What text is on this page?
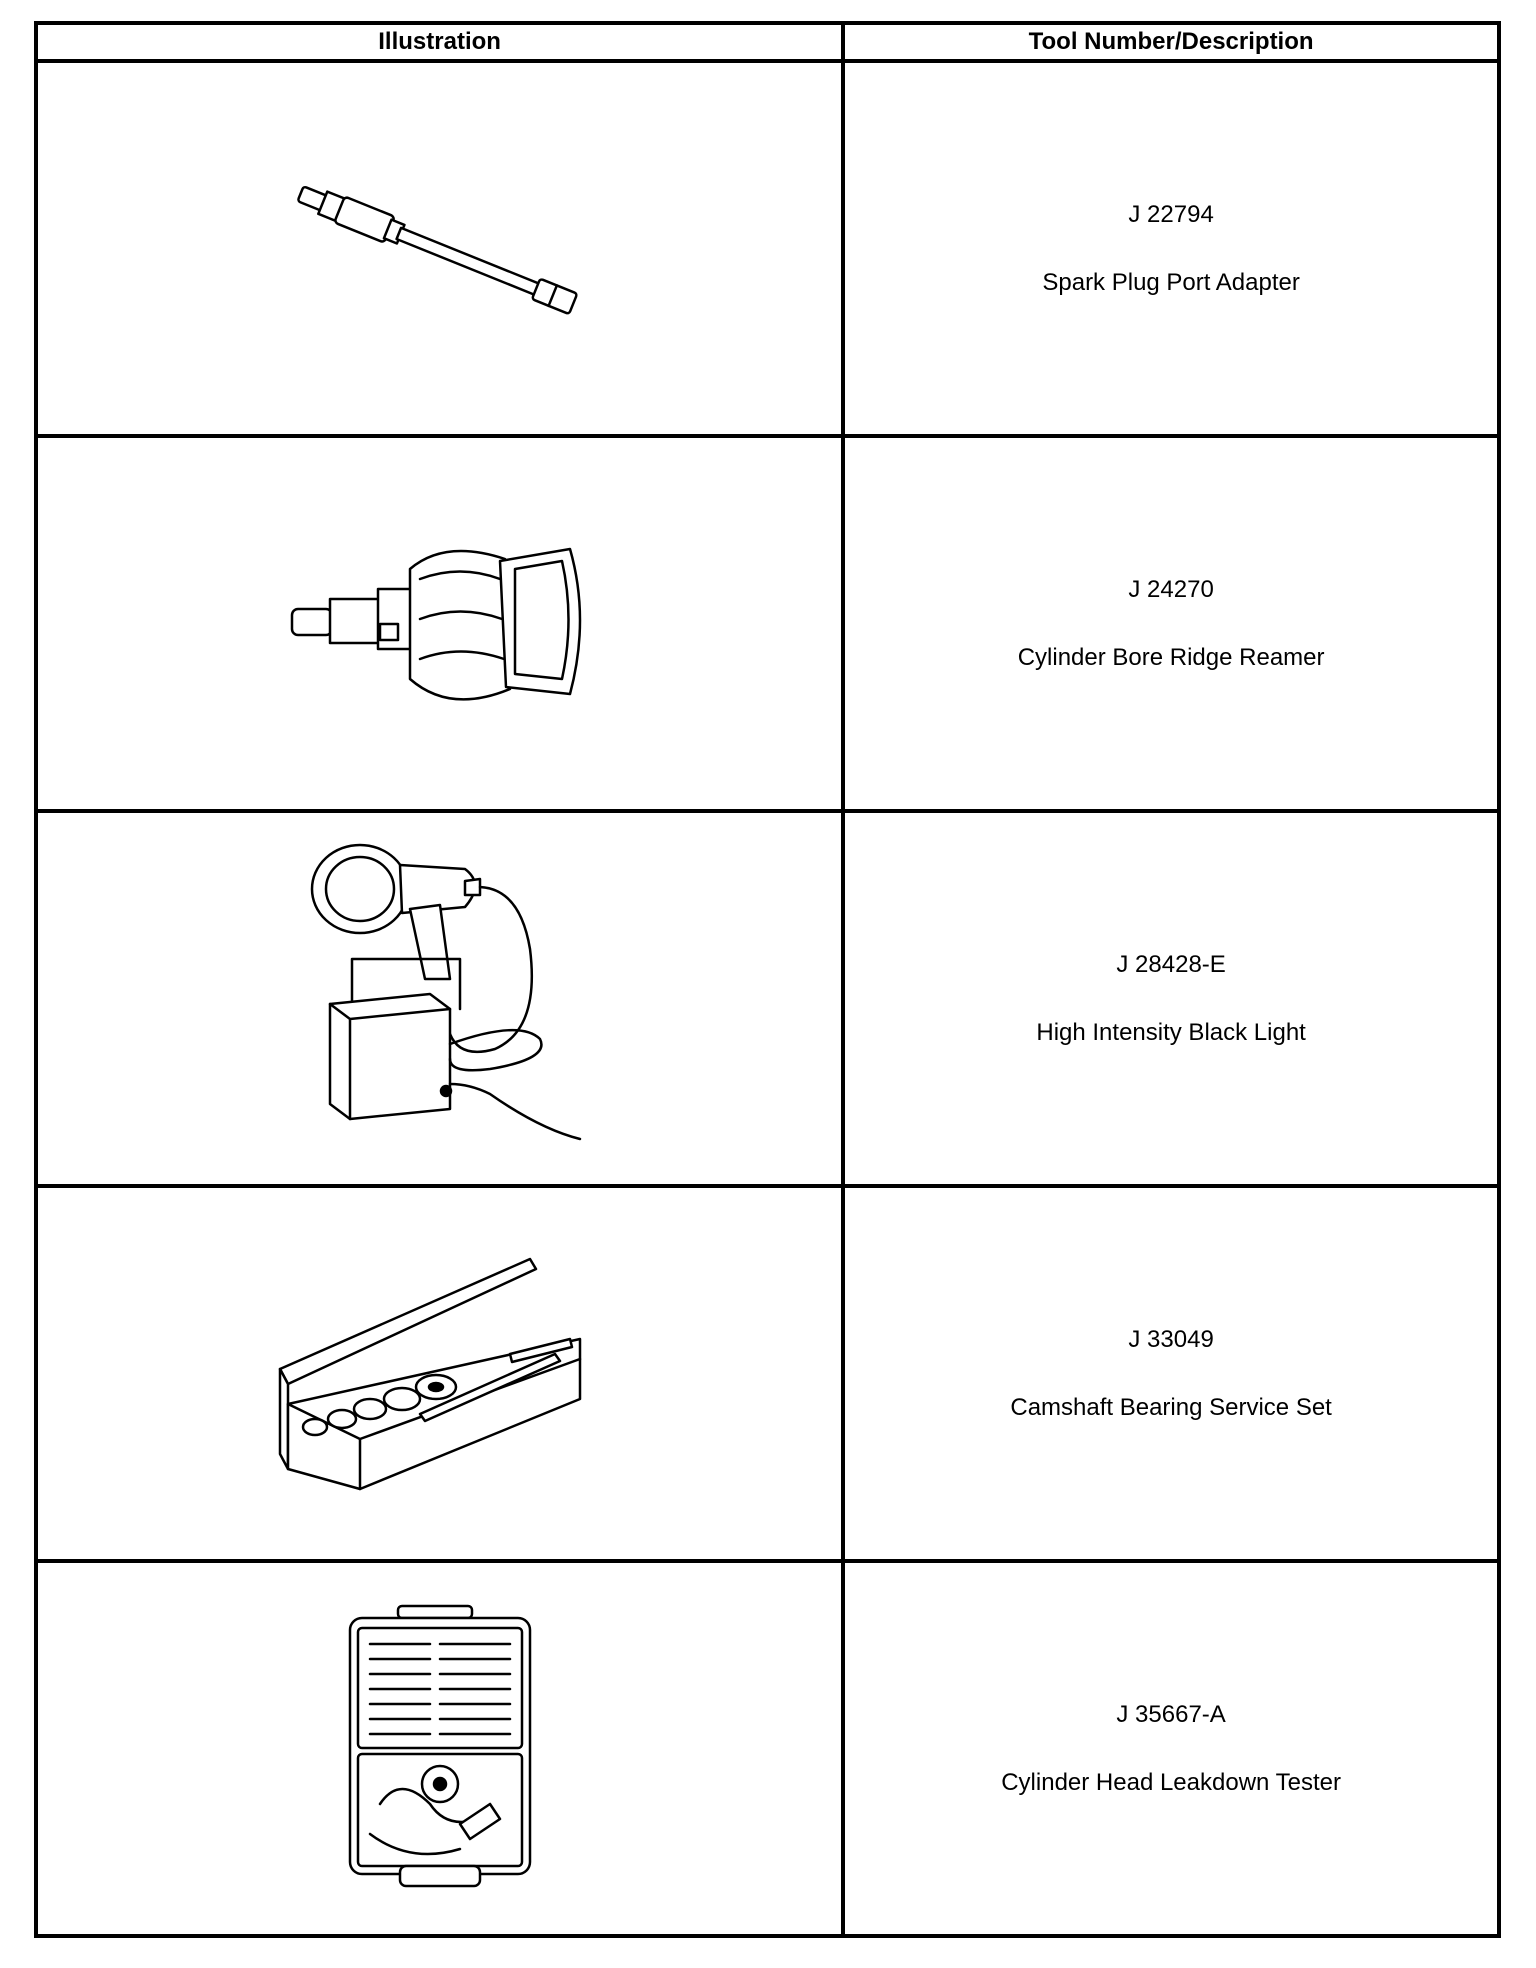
Illustration	Tool Number/Description

J 22794
Spark Plug Port Adapter

J 24270
Cylinder Bore Ridge Reamer

J 28428-E
High Intensity Black Light

J 33049
Camshaft Bearing Service Set

J 35667-A
Cylinder Head Leakdown Tester
